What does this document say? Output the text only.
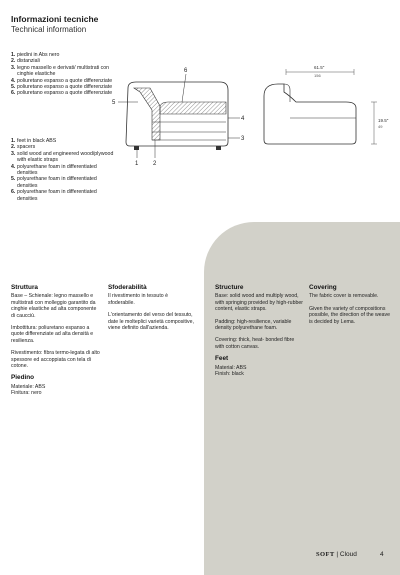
Informazioni tecniche
Technical information
1. piedini in Abs nero
2. distanziali
3. legno massello e derivati/ multistrati con cinghie elastiche
4. poliuretano espanso a quote differenziate
5. poliuretano espanso a quote differenziate
6. poliuretano espanso a quote differenziate
1. feet in black ABS
2. spacers
3. solid wood and engineered wood/plywood with elastic straps
4. polyurethane foam in differentiated densities
5. polyurethane foam in differentiated densities
6. polyurethane foam in differentiated densities
6
5
4
3
1 2
61.5"
156
19.5"
49
Struttura

Base – Schienale: legno massello e multistrati con molleggio garantito da cinghie elastiche ad alta componente di caucciù.

Imbottitura: poliuretano espanso a quote differenziate ad alta densità e resilienza.

Rivestimento: fibra termo-legata di alto spessore ed accoppiata con tela di cotone.

Piedino
Materiale: ABS
Finitura: nero
Sfoderabilità

Il rivestimento in tessuto è sfoderabile.

L'orientamento del verso del tessuto, date le molteplici varietà compositive, viene definito dall'azienda.

Structure

Base: solid wood and multiply wood, with springing provided by high-rubber content, elastic straps.

Padding: high-resilience, variable density polyurethane foam.

Covering: thick, heat- bonded fibre with cotton canvas.

Feet
Material: ABS
Finish: black
Covering

The fabric cover is removable.

Given the variety of compositions possible, the direction of the weave is decided by Lema.

SOFT | Cloud	4
